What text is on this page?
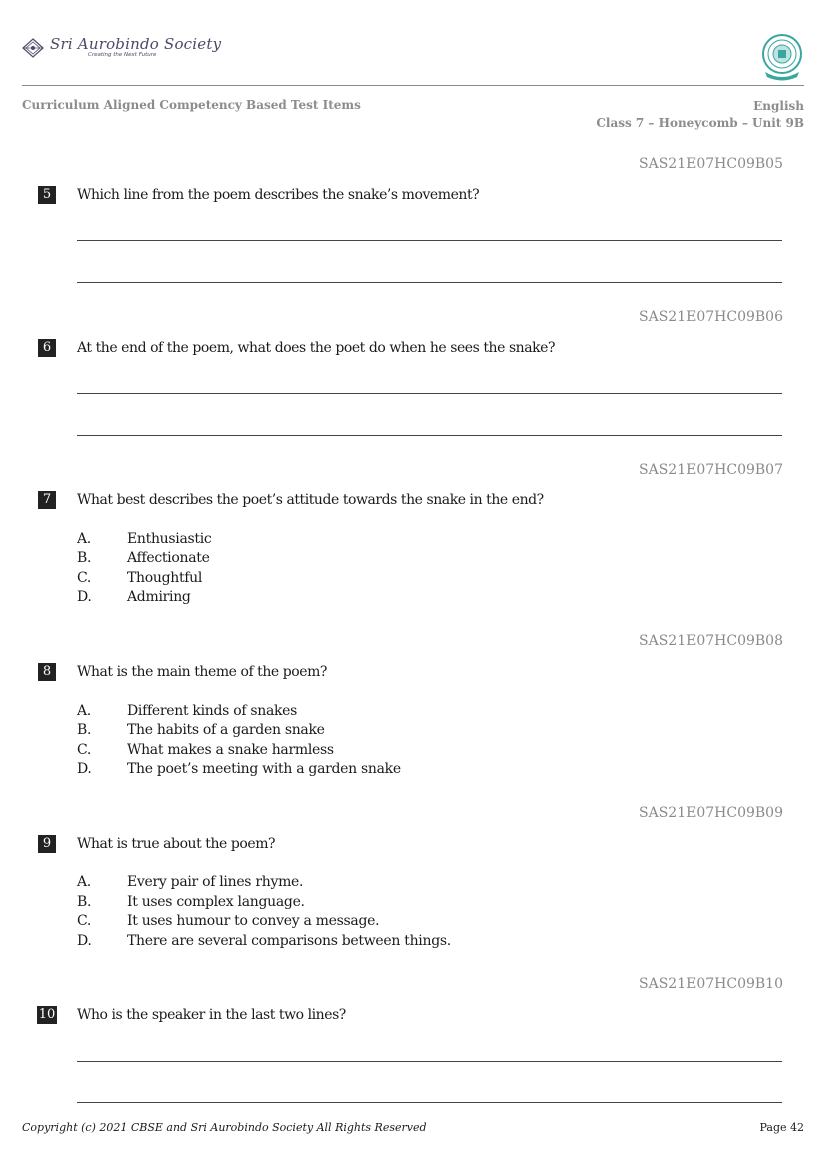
Sri Aurobindo Society
Creating the Next Future
Curriculum Aligned Competency Based Test Items	English
Class 7 – Honeycomb – Unit 9B
SAS21E07HC09B05
5	Which line from the poem describes the snake’s movement?
SAS21E07HC09B06
6	At the end of the poem, what does the poet do when he sees the snake?
SAS21E07HC09B07
7	What best describes the poet’s attitude towards the snake in the end?
A.	Enthusiastic
B.	Affectionate
C.	Thoughtful
D.	Admiring
SAS21E07HC09B08
8	What is the main theme of the poem?
A.	Different kinds of snakes
B.	The habits of a garden snake
C.	What makes a snake harmless
D.	The poet’s meeting with a garden snake
SAS21E07HC09B09
9	What is true about the poem?
A.	Every pair of lines rhyme.
B.	It uses complex language.
C.	It uses humour to convey a message.
D.	There are several comparisons between things.
SAS21E07HC09B10
10 Who is the speaker in the last two lines?
Copyright (c) 2021 CBSE and Sri Aurobindo Society All Rights Reserved	Page 42
